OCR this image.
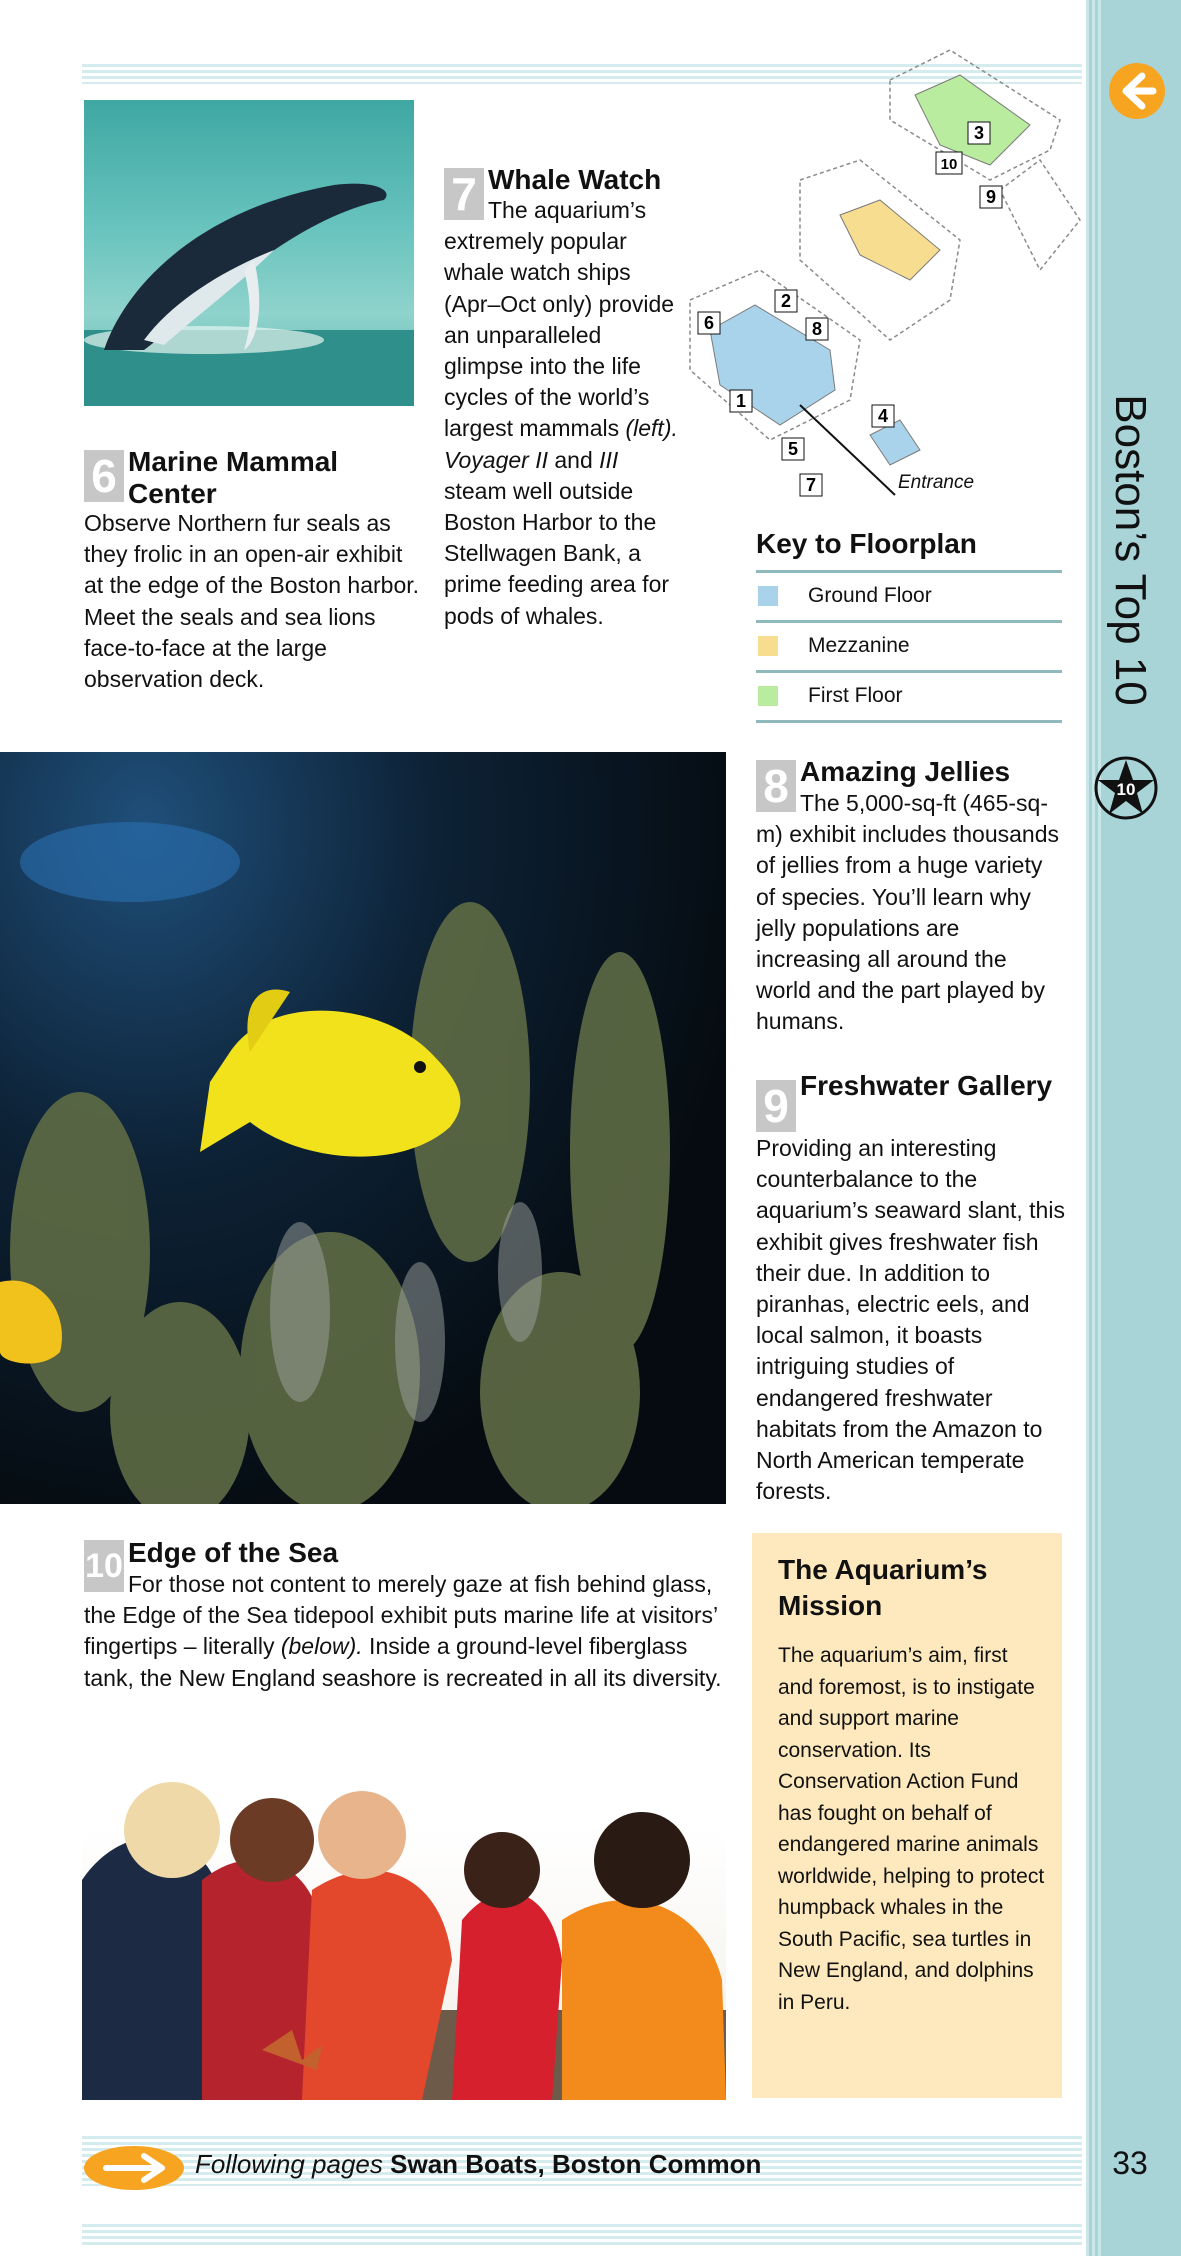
Boston’s Top 10
10
33
3
10
9
2
6	8
1
4
5
7	Entrance
Key to Floorplan
Ground Floor
Mezzanine
First Floor
6 Marine Mammal Center
Observe Northern fur seals as they frolic in an open-air exhibit at the edge of the Boston harbor. Meet the seals and sea lions face-to-face at the large observation deck.
7 Whale Watch
The aquarium’s extremely popular whale watch ships (Apr–Oct only) provide an unparalleled glimpse into the life cycles of the world’s largest mammals (left). Voyager II and III steam well outside Boston Harbor to the Stellwagen Bank, a prime feeding area for pods of whales.
8 Amazing Jellies
The 5,000-sq-ft (465-sq-m) exhibit includes thousands of jellies from a huge variety of species. You’ll learn why jelly populations are increasing all around the world and the part played by humans.
9 Freshwater Gallery
Providing an interesting counterbalance to the aquarium’s seaward slant, this exhibit gives freshwater fish their due. In addition to piranhas, electric eels, and local salmon, it boasts intriguing studies of endangered freshwater habitats from the Amazon to North American temperate forests.
10 Edge of the Sea
For those not content to merely gaze at fish behind glass, the Edge of the Sea tidepool exhibit puts marine life at visitors’ fingertips – literally (below). Inside a ground-level fiberglass tank, the New England seashore is recreated in all its diversity.
The Aquarium’s Mission
The aquarium’s aim, first and foremost, is to instigate and support marine conservation. Its Conservation Action Fund has fought on behalf of endangered marine animals worldwide, helping to protect humpback whales in the South Pacific, sea turtles in New England, and dolphins in Peru.
Following pages Swan Boats, Boston Common
